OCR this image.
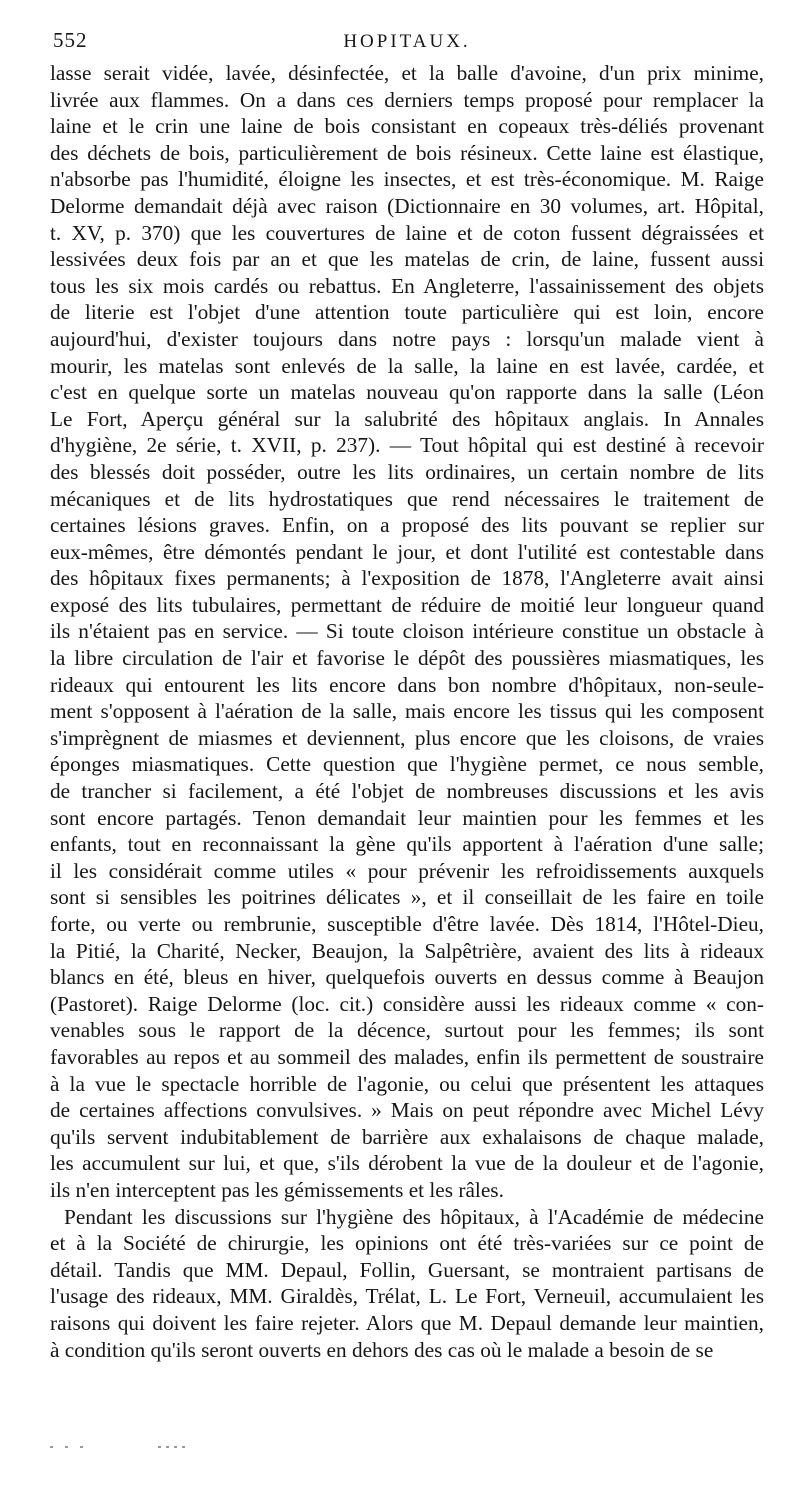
552	HOPITAUX.
lasse serait vidée, lavée, désinfectée, et la balle d'avoine, d'un prix minime,
livrée aux flammes. On a dans ces derniers temps proposé pour remplacer la
laine et le crin une laine de bois consistant en copeaux très-déliés provenant
des déchets de bois, particulièrement de bois résineux. Cette laine est élastique,
n'absorbe pas l'humidité, éloigne les insectes, et est très-économique. M. Raige
Delorme demandait déjà avec raison (Dictionnaire en 30 volumes, art. Hôpital,
t. XV, p. 370) que les couvertures de laine et de coton fussent dégraissées et
lessivées deux fois par an et que les matelas de crin, de laine, fussent aussi
tous les six mois cardés ou rebattus. En Angleterre, l'assainissement des objets
de literie est l'objet d'une attention toute particulière qui est loin, encore
aujourd'hui, d'exister toujours dans notre pays : lorsqu'un malade vient à
mourir, les matelas sont enlevés de la salle, la laine en est lavée, cardée, et
c'est en quelque sorte un matelas nouveau qu'on rapporte dans la salle (Léon
Le Fort, Aperçu général sur la salubrité des hôpitaux anglais. In Annales
d'hygiène, 2e série, t. XVII, p. 237). — Tout hôpital qui est destiné à recevoir
des blessés doit posséder, outre les lits ordinaires, un certain nombre de lits
mécaniques et de lits hydrostatiques que rend nécessaires le traitement de
certaines lésions graves. Enfin, on a proposé des lits pouvant se replier sur
eux-mêmes, être démontés pendant le jour, et dont l'utilité est contestable dans
des hôpitaux fixes permanents; à l'exposition de 1878, l'Angleterre avait ainsi
exposé des lits tubulaires, permettant de réduire de moitié leur longueur quand
ils n'étaient pas en service. — Si toute cloison intérieure constitue un obstacle à
la libre circulation de l'air et favorise le dépôt des poussières miasmatiques, les
rideaux qui entourent les lits encore dans bon nombre d'hôpitaux, non-seule-
ment s'opposent à l'aération de la salle, mais encore les tissus qui les composent
s'imprègnent de miasmes et deviennent, plus encore que les cloisons, de vraies
éponges miasmatiques. Cette question que l'hygiène permet, ce nous semble,
de trancher si facilement, a été l'objet de nombreuses discussions et les avis
sont encore partagés. Tenon demandait leur maintien pour les femmes et les
enfants, tout en reconnaissant la gène qu'ils apportent à l'aération d'une salle;
il les considérait comme utiles « pour prévenir les refroidissements auxquels
sont si sensibles les poitrines délicates », et il conseillait de les faire en toile
forte, ou verte ou rembrunie, susceptible d'être lavée. Dès 1814, l'Hôtel-Dieu,
la Pitié, la Charité, Necker, Beaujon, la Salpêtrière, avaient des lits à rideaux
blancs en été, bleus en hiver, quelquefois ouverts en dessus comme à Beaujon
(Pastoret). Raige Delorme (loc. cit.) considère aussi les rideaux comme « con-
venables sous le rapport de la décence, surtout pour les femmes; ils sont
favorables au repos et au sommeil des malades, enfin ils permettent de soustraire
à la vue le spectacle horrible de l'agonie, ou celui que présentent les attaques
de certaines affections convulsives. » Mais on peut répondre avec Michel Lévy
qu'ils servent indubitablement de barrière aux exhalaisons de chaque malade,
les accumulent sur lui, et que, s'ils dérobent la vue de la douleur et de l'agonie,
ils n'en interceptent pas les gémissements et les râles.
Pendant les discussions sur l'hygiène des hôpitaux, à l'Académie de médecine
et à la Société de chirurgie, les opinions ont été très-variées sur ce point de
détail. Tandis que MM. Depaul, Follin, Guersant, se montraient partisans de
l'usage des rideaux, MM. Giraldès, Trélat, L. Le Fort, Verneuil, accumulaient les
raisons qui doivent les faire rejeter. Alors que M. Depaul demande leur maintien,
à condition qu'ils seront ouverts en dehors des cas où le malade a besoin de se
